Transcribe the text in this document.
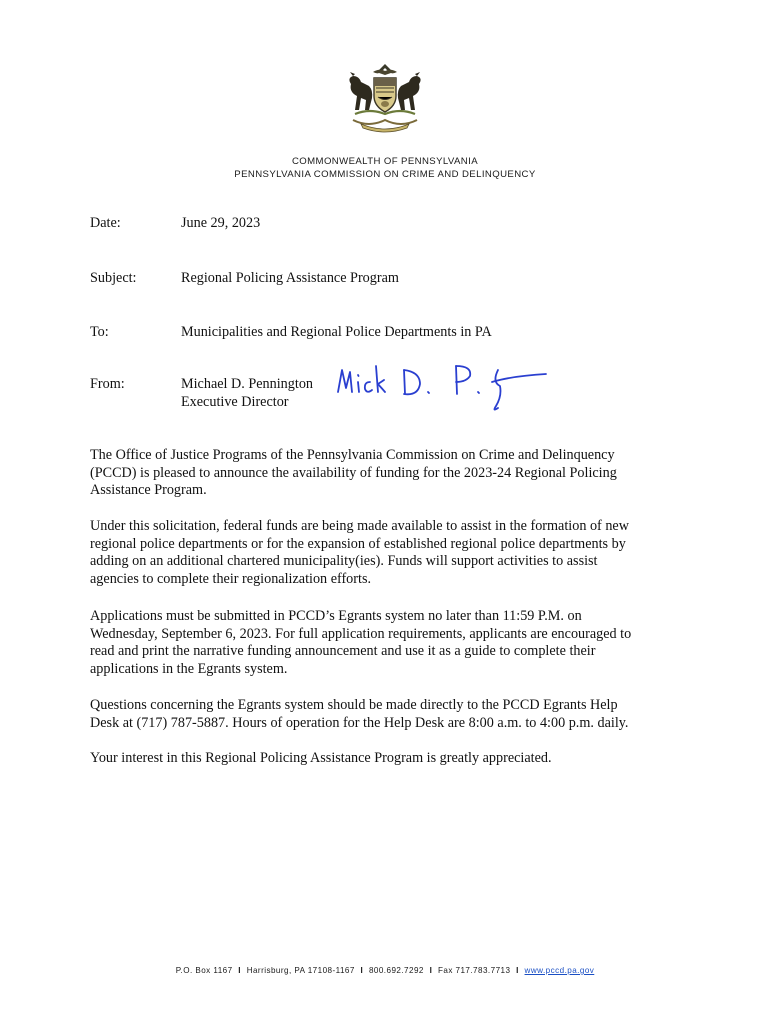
COMMONWEALTH OF PENNSYLVANIA
PENNSYLVANIA COMMISSION ON CRIME AND DELINQUENCY
Date:	June 29, 2023
Subject:	Regional Policing Assistance Program
To:	Municipalities and Regional Police Departments in PA
From:	Michael D. Pennington
Executive Director
The Office of Justice Programs of the Pennsylvania Commission on Crime and Delinquency
(PCCD) is pleased to announce the availability of funding for the 2023-24 Regional Policing
Assistance Program.
Under this solicitation, federal funds are being made available to assist in the formation of new
regional police departments or for the expansion of established regional police departments by
adding on an additional chartered municipality(ies). Funds will support activities to assist
agencies to complete their regionalization efforts.
Applications must be submitted in PCCD’s Egrants system no later than 11:59 P.M. on
Wednesday, September 6, 2023. For full application requirements, applicants are encouraged to
read and print the narrative funding announcement and use it as a guide to complete their
applications in the Egrants system.
Questions concerning the Egrants system should be made directly to the PCCD Egrants Help
Desk at (717) 787-5887. Hours of operation for the Help Desk are 8:00 a.m. to 4:00 p.m. daily.
Your interest in this Regional Policing Assistance Program is greatly appreciated.
P.O. Box 1167 I Harrisburg, PA 17108-1167 I 800.692.7292 I Fax 717.783.7713 I www.pccd.pa.gov
